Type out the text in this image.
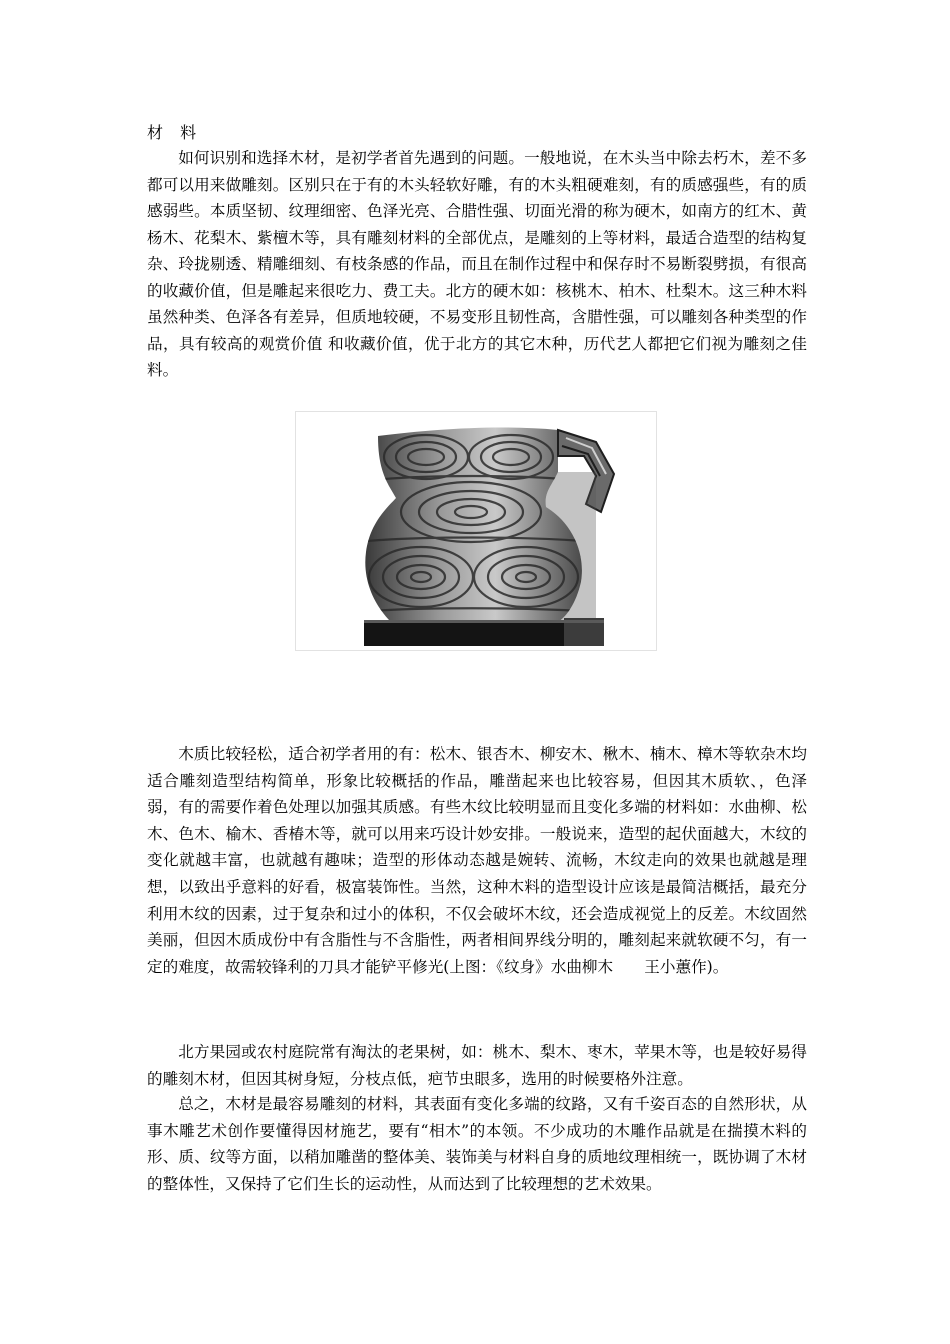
材 料

如何识别和选择木材，是初学者首先遇到的问题。一般地说，在木头当中除去朽木，差不多都可以用来做雕刻。区别只在于有的木头轻软好雕，有的木头粗硬难刻，有的质感强些，有的质感弱些。本质坚韧、纹理细密、色泽光亮、合腊性强、切面光滑的称为硬木，如南方的红木、黄杨木、花梨木、紫檀木等，具有雕刻材料的全部优点，是雕刻的上等材料，最适合造型的结构复杂、玲拢剔透、精雕细刻、有枝条感的作品，而且在制作过程中和保存时不易断裂劈损，有很高的收藏价值，但是雕起来很吃力、费工夫。北方的硬木如：核桃木、柏木、杜梨木。这三种木料虽然种类、色泽各有差异，但质地较硬，不易变形且韧性高，含腊性强，可以雕刻各种类型的作品，具有较高的观赏价值 和收藏价值，优于北方的其它木种，历代艺人都把它们视为雕刻之佳料。

木质比较轻松，适合初学者用的有：松木、银杏木、柳安木、楸木、楠木、樟木等软杂木均适合雕刻造型结构简单，形象比较概括的作品，雕凿起来也比较容易，但因其木质软、，色泽弱，有的需要作着色处理以加强其质感。有些木纹比较明显而且变化多端的材料如：水曲柳、松木、色木、榆木、香椿木等，就可以用来巧设计妙安排。一般说来，造型的起伏面越大，木纹的变化就越丰富，也就越有趣味；造型的形体动态越是婉转、流畅，木纹走向的效果也就越是理想，以致出乎意料的好看，极富装饰性。当然，这种木料的造型设计应该是最简洁概括，最充分利用木纹的因素，过于复杂和过小的体积，不仅会破坏木纹，还会造成视觉上的反差。木纹固然美丽，但因木质成份中有含脂性与不含脂性，两者相间界线分明的，雕刻起来就软硬不匀，有一定的难度，故需较锋利的刀具才能铲平修光(上图：《纹身》水曲柳木　　王小蕙作)。

北方果园或农村庭院常有淘汰的老果树，如：桃木、梨木、枣木，苹果木等，也是较好易得的雕刻木材，但因其树身短，分枝点低，疤节虫眼多，选用的时候要格外注意。

总之，木材是最容易雕刻的材料，其表面有变化多端的纹路，又有千姿百态的自然形状，从事木雕艺术创作要懂得因材施艺，要有“相木”的本领。不少成功的木雕作品就是在揣摸木料的形、质、纹等方面，以稍加雕凿的整体美、装饰美与材料自身的质地纹理相统一，既协调了木材的整体性，又保持了它们生长的运动性，从而达到了比较理想的艺术效果。
